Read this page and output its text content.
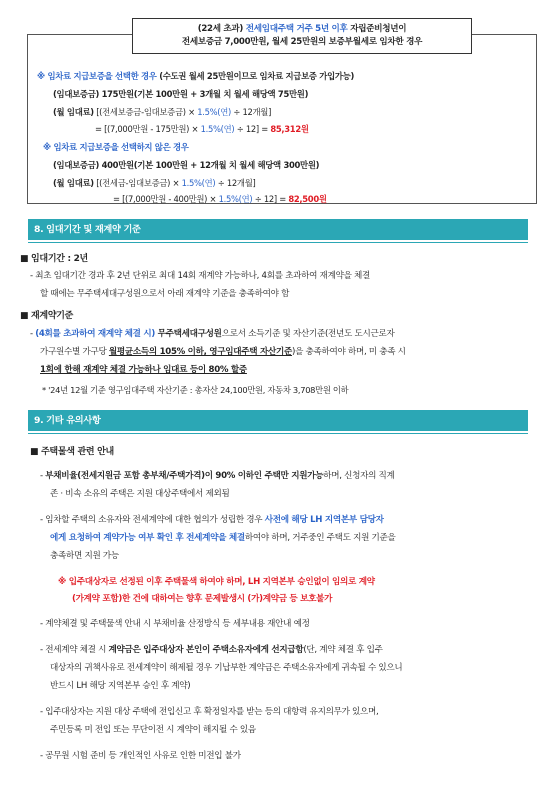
(22세 초과) 전세임대주택 거주 5년 이후 자립준비청년이
전세보증금 7,000만원, 월세 25만원의 보증부월세로 임차한 경우
※ 임차료 지급보증을 선택한 경우 (수도권 월세 25만원이므로 임차료 지급보증 가입가능)
(임대보증금) 175만원(기본 100만원 + 3개월 치 월세 해당액 75만원)
(월 임대료) [(전세보증금-임대보증금) × 1.5%(연) ÷ 12개월]
= [(7,000만원 - 175만원) × 1.5%(연) ÷ 12] = 85,312원
※ 임차료 지급보증을 선택하지 않은 경우
(임대보증금) 400만원(기본 100만원 + 12개월 치 월세 해당액 300만원)
(월 임대료) [(전세금-임대보증금) × 1.5%(연) ÷ 12개월]
= [(7,000만원 - 400만원) × 1.5%(연) ÷ 12] = 82,500원
8. 임대기간 및 재계약 기준
■ 임대기간 : 2년
- 최초 임대기간 경과 후 2년 단위로 최대 14회 재계약 가능하나, 4회를 초과하여 재계약을 체결
할 때에는 무주택세대구성원으로서 아래 재계약 기준을 충족하여야 함
■ 재계약기준
- (4회를 초과하여 재계약 체결 시) 무주택세대구성원으로서 소득기준 및 자산기준(전년도 도시근로자
가구원수별 가구당 월평균소득의 105% 이하, 영구임대주택 자산기준)을 충족하여야 하며, 미 충족 시
1회에 한해 재계약 체결 가능하나 임대료 등이 80% 할증
* '24년 12월 기준 영구임대주택 자산기준 : 총자산 24,100만원, 자동차 3,708만원 이하
9. 기타 유의사항
■ 주택물색 관련 안내
- 부채비율(전세지원금 포함 총부채/주택가격)이 90% 이하인 주택만 지원가능하며, 신청자의 직계
존 · 비속 소유의 주택은 지원 대상주택에서 제외됨
- 임차할 주택의 소유자와 전세계약에 대한 협의가 성립한 경우 사전에 해당 LH 지역본부 담당자
에게 요청하여 계약가능 여부 확인 후 전세계약을 체결하여야 하며, 거주중인 주택도 지원 기준을
충족하면 지원 가능
※ 입주대상자로 선정된 이후 주택물색 하여야 하며, LH 지역본부 승인없이 임의로 계약
(가계약 포함)한 건에 대하여는 향후 문제발생시 (가)계약금 등 보호불가
- 계약체결 및 주택물색 안내 시 부채비율 산정방식 등 세부내용 재안내 예정
- 전세계약 체결 시 계약금은 입주대상자 본인이 주택소유자에게 선지급함(단, 계약 체결 후 입주
대상자의 귀책사유로 전세계약이 해제될 경우 기납부한 계약금은 주택소유자에게 귀속될 수 있으니
반드시 LH 해당 지역본부 승인 후 계약)
- 입주대상자는 지원 대상 주택에 전입신고 후 확정일자를 받는 등의 대항력 유지의무가 있으며,
주민등록 미 전입 또는 무단이전 시 계약이 해지될 수 있음
- 공무원 시험 준비 등 개인적인 사유로 인한 미전입 불가
